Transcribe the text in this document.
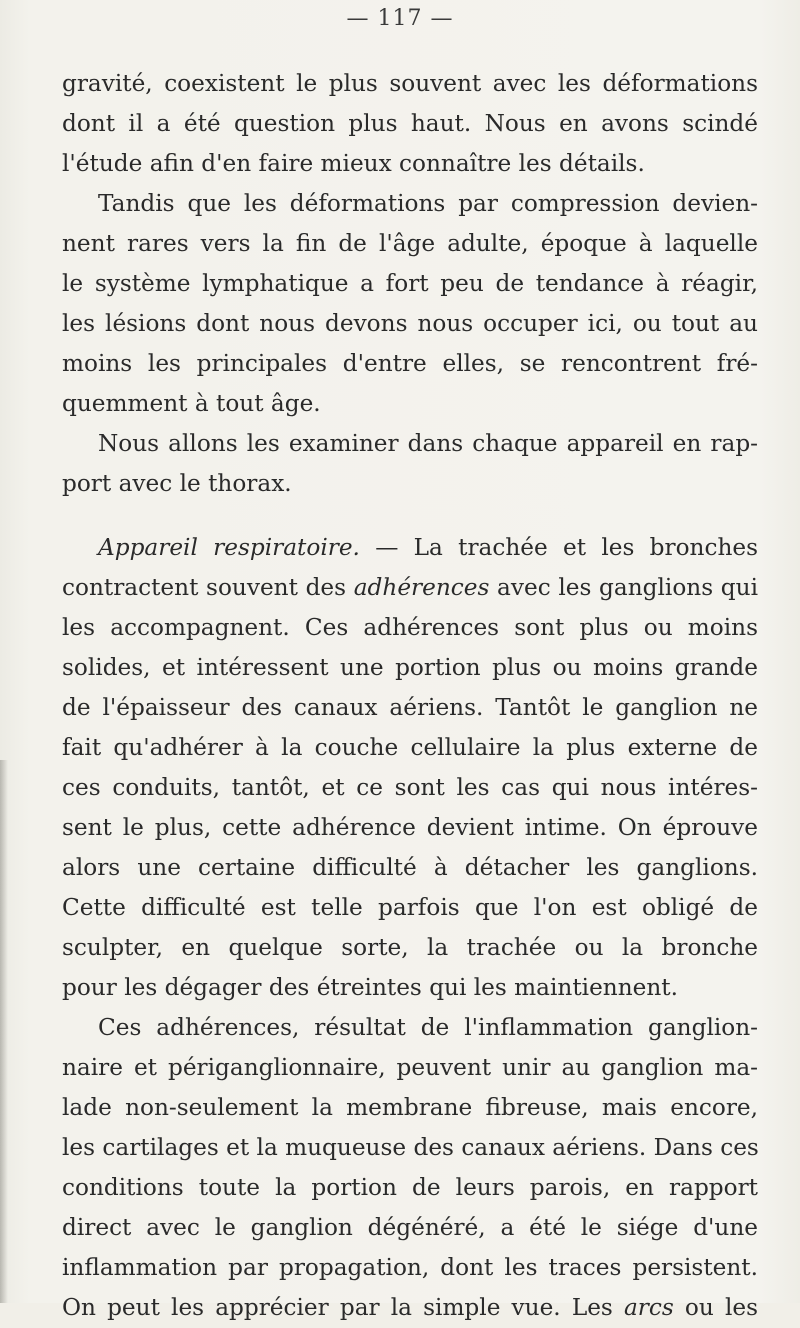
— 117 —
gravité, coexistent le plus souvent avec les déformations
dont il a été question plus haut. Nous en avons scindé
l'étude afin d'en faire mieux connaître les détails.
Tandis que les déformations par compression devien-
nent rares vers la fin de l'âge adulte, époque à laquelle
le système lymphatique a fort peu de tendance à réagir,
les lésions dont nous devons nous occuper ici, ou tout au
moins les principales d'entre elles, se rencontrent fré-
quemment à tout âge.
Nous allons les examiner dans chaque appareil en rap-
port avec le thorax.
Appareil respiratoire. — La trachée et les bronches
contractent souvent des adhérences avec les ganglions qui
les accompagnent. Ces adhérences sont plus ou moins
solides, et intéressent une portion plus ou moins grande
de l'épaisseur des canaux aériens. Tantôt le ganglion ne
fait qu'adhérer à la couche cellulaire la plus externe de
ces conduits, tantôt, et ce sont les cas qui nous intéres-
sent le plus, cette adhérence devient intime. On éprouve
alors une certaine difficulté à détacher les ganglions.
Cette difficulté est telle parfois que l'on est obligé de
sculpter, en quelque sorte, la trachée ou la bronche
pour les dégager des étreintes qui les maintiennent.
Ces adhérences, résultat de l'inflammation ganglion-
naire et périganglionnaire, peuvent unir au ganglion ma-
lade non-seulement la membrane fibreuse, mais encore,
les cartilages et la muqueuse des canaux aériens. Dans ces
conditions toute la portion de leurs parois, en rapport
direct avec le ganglion dégénéré, a été le siége d'une
inflammation par propagation, dont les traces persistent.
On peut les apprécier par la simple vue. Les arcs ou les
